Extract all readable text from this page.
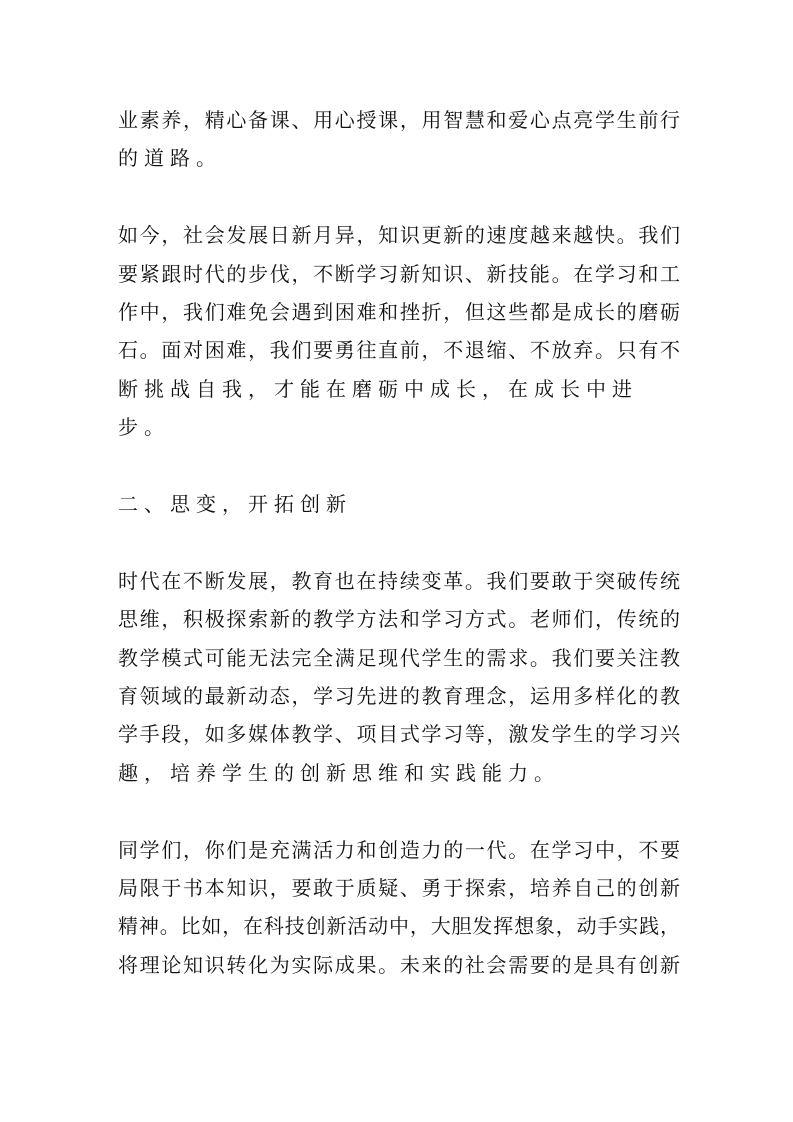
业素养，精心备课、用心授课，用智慧和爱心点亮学生前行
的道路。
如今，社会发展日新月异，知识更新的速度越来越快。我们
要紧跟时代的步伐，不断学习新知识、新技能。在学习和工
作中，我们难免会遇到困难和挫折，但这些都是成长的磨砺
石。面对困难，我们要勇往直前，不退缩、不放弃。只有不
断挑战自我，才能在磨砺中成长，在成长中进步。
二、思变，开拓创新
时代在不断发展，教育也在持续变革。我们要敢于突破传统
思维，积极探索新的教学方法和学习方式。老师们，传统的
教学模式可能无法完全满足现代学生的需求。我们要关注教
育领域的最新动态，学习先进的教育理念，运用多样化的教
学手段，如多媒体教学、项目式学习等，激发学生的学习兴
趣，培养学生的创新思维和实践能力。
同学们，你们是充满活力和创造力的一代。在学习中，不要
局限于书本知识，要敢于质疑、勇于探索，培养自己的创新
精神。比如，在科技创新活动中，大胆发挥想象，动手实践，
将理论知识转化为实际成果。未来的社会需要的是具有创新
